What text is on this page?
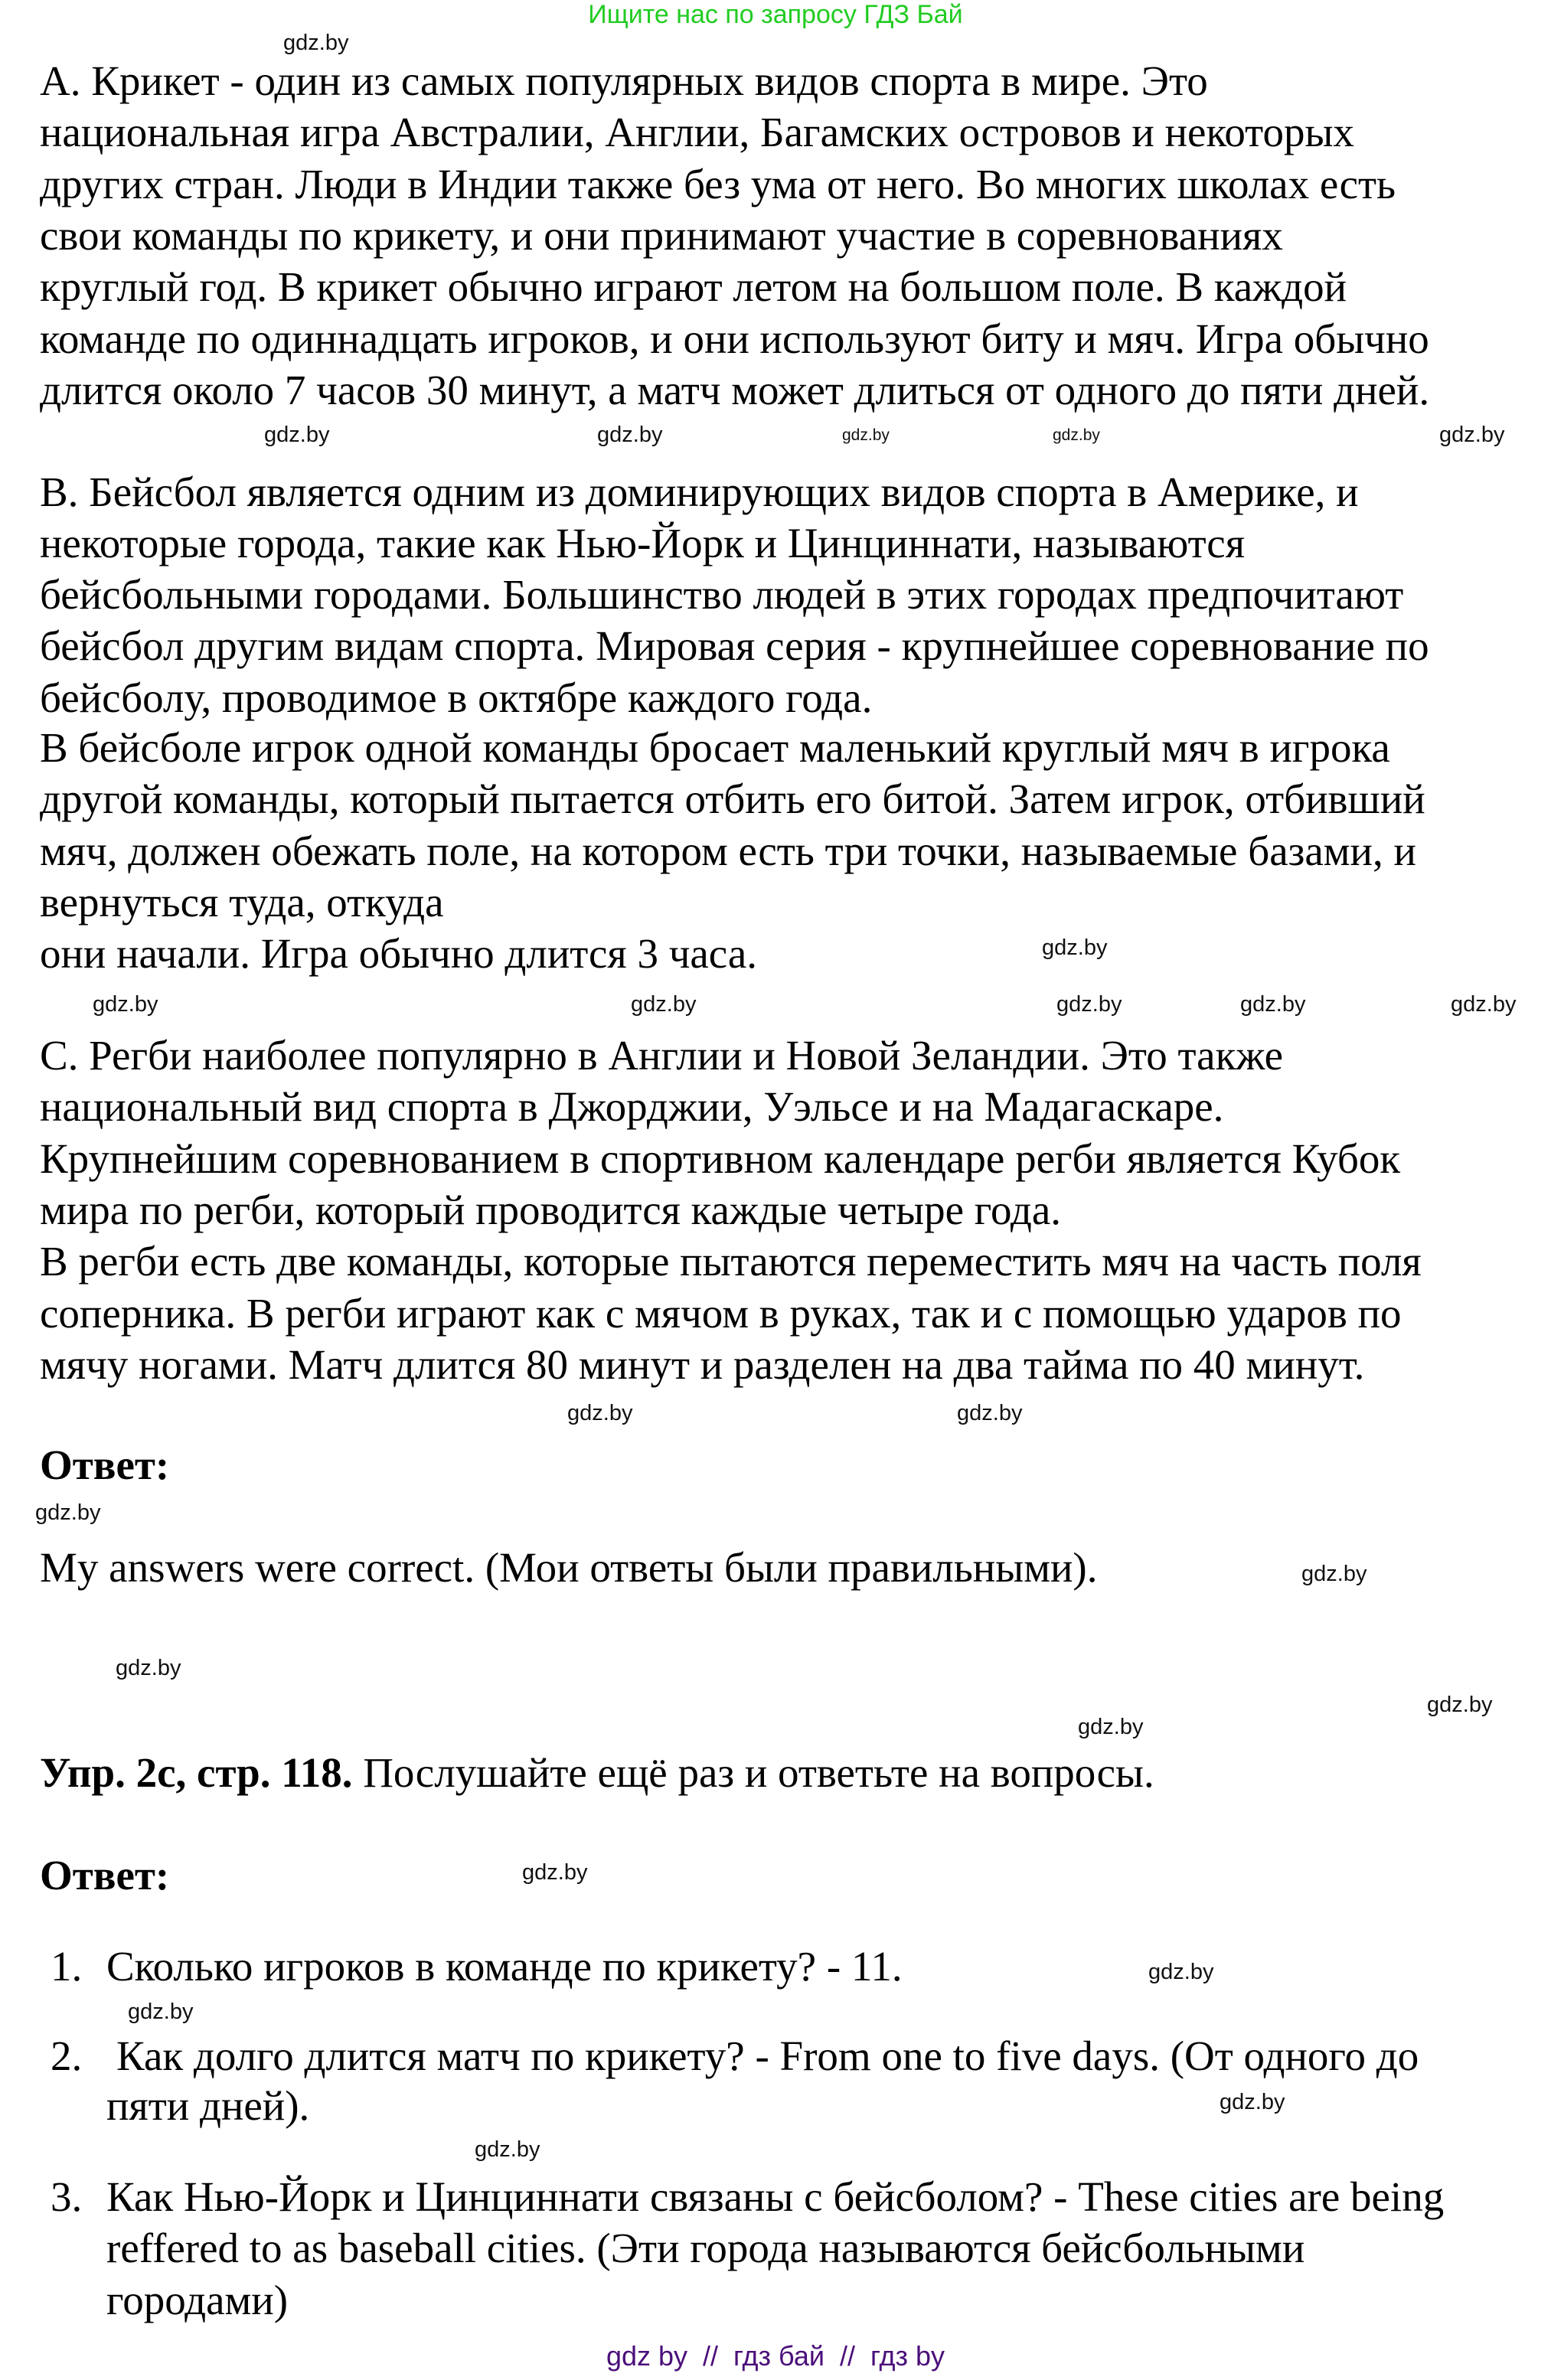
Ищите нас по запросу ГДЗ Бай
A. Крикет - один из самых популярных видов спорта в мире. Это
национальная игра Австралии, Англии, Багамских островов и некоторых
других стран. Люди в Индии также без ума от него. Во многих школах есть
свои команды по крикету, и они принимают участие в соревнованиях
круглый год. В крикет обычно играют летом на большом поле. В каждой
команде по одиннадцать игроков, и они используют биту и мяч. Игра обычно
длится около 7 часов 30 минут, а матч может длиться от одного до пяти дней.
B. Бейсбол является одним из доминирующих видов спорта в Америке, и
некоторые города, такие как Нью-Йорк и Цинциннати, называются
бейсбольными городами. Большинство людей в этих городах предпочитают
бейсбол другим видам спорта. Мировая серия - крупнейшее соревнование по
бейсболу, проводимое в октябре каждого года.
В бейсболе игрок одной команды бросает маленький круглый мяч в игрока
другой команды, который пытается отбить его битой. Затем игрок, отбивший
мяч, должен обежать поле, на котором есть три точки, называемые базами, и
вернуться туда, откуда
они начали. Игра обычно длится 3 часа.
C. Регби наиболее популярно в Англии и Новой Зеландии. Это также
национальный вид спорта в Джорджии, Уэльсе и на Мадагаскаре.
Крупнейшим соревнованием в спортивном календаре регби является Кубок
мира по регби, который проводится каждые четыре года.
В регби есть две команды, которые пытаются переместить мяч на часть поля
соперника. В регби играют как с мячом в руках, так и с помощью ударов по
мячу ногами. Матч длится 80 минут и разделен на два тайма по 40 минут.
Ответ:
My answers were correct. (Мои ответы были правильными).
Упр. 2с, стр. 118. Послушайте ещё раз и ответьте на вопросы.
Ответ:
1. Сколько игроков в команде по крикету? - 11.
2. Как долго длится матч по крикету? - From one to five days. (От одного до
пяти дней).
3. Как Нью-Йорк и Цинциннати связаны с бейсболом? - These cities are being
reffered to as baseball cities. (Эти города называются бейсбольными
городами)
gdz.by
gdz.by
gdz.by
gdz.by
gdz.by	gdz.by
gdz.by
gdz.by
gdz.by
gdz.by
gdz.by	gdz.by
gdz.by
gdz.by
gdz.by
gdz.by
gdz.by
gdz.by
gdz.by
gdz.by
gdz.by
gdz.by
gdz.by
gdz.by
gdz by  //  гдз бай  //  гдз by
